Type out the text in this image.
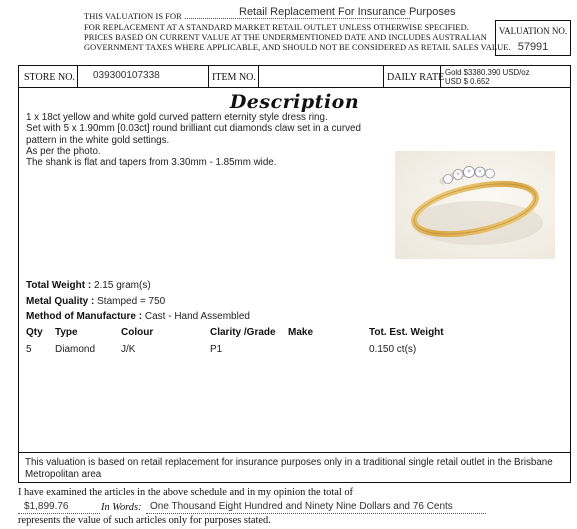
THIS VALUATION IS FOR	Retail Replacement For Insurance Purposes
FOR REPLACEMENT AT A STANDARD MARKET RETAIL OUTLET UNLESS OTHERWISE SPECIFIED.
PRICES BASED ON CURRENT VALUE AT THE UNDERMENTIONED DATE AND INCLUDES AUSTRALIAN
GOVERNMENT TAXES WHERE APPLICABLE, AND SHOULD NOT BE CONSIDERED AS RETAIL SALES VALUE.
VALUATION NO.
57991
STORE NO. 039300107338	ITEM NO.	DAILY RATE Gold $3380.390 USD/oz
USD $ 0.652
Description
1 x 18ct yellow and white gold curved pattern eternity style dress ring.
Set with 5 x 1.90mm [0.03ct] round brilliant cut diamonds claw set in a curved
pattern in the white gold settings.
As per the photo.
The shank is flat and tapers from 3.30mm - 1.85mm wide.
Total Weight : 2.15 gram(s)
Metal Quality : Stamped = 750
Method of Manufacture : Cast - Hand Assembled
Qty Type	Colour	Clarity /Grade Make	Tot. Est. Weight
5 Diamond	J/K	P1	0.150 ct(s)
This valuation is based on retail replacement for insurance purposes only in a traditional single retail outlet in the Brisbane Metropolitan area
I have examined the articles in the above schedule and in my opinion the total of
$1,899.76	In Words: One Thousand Eight Hundred and Ninety Nine Dollars and 76 Cents
represents the value of such articles only for purposes stated.
